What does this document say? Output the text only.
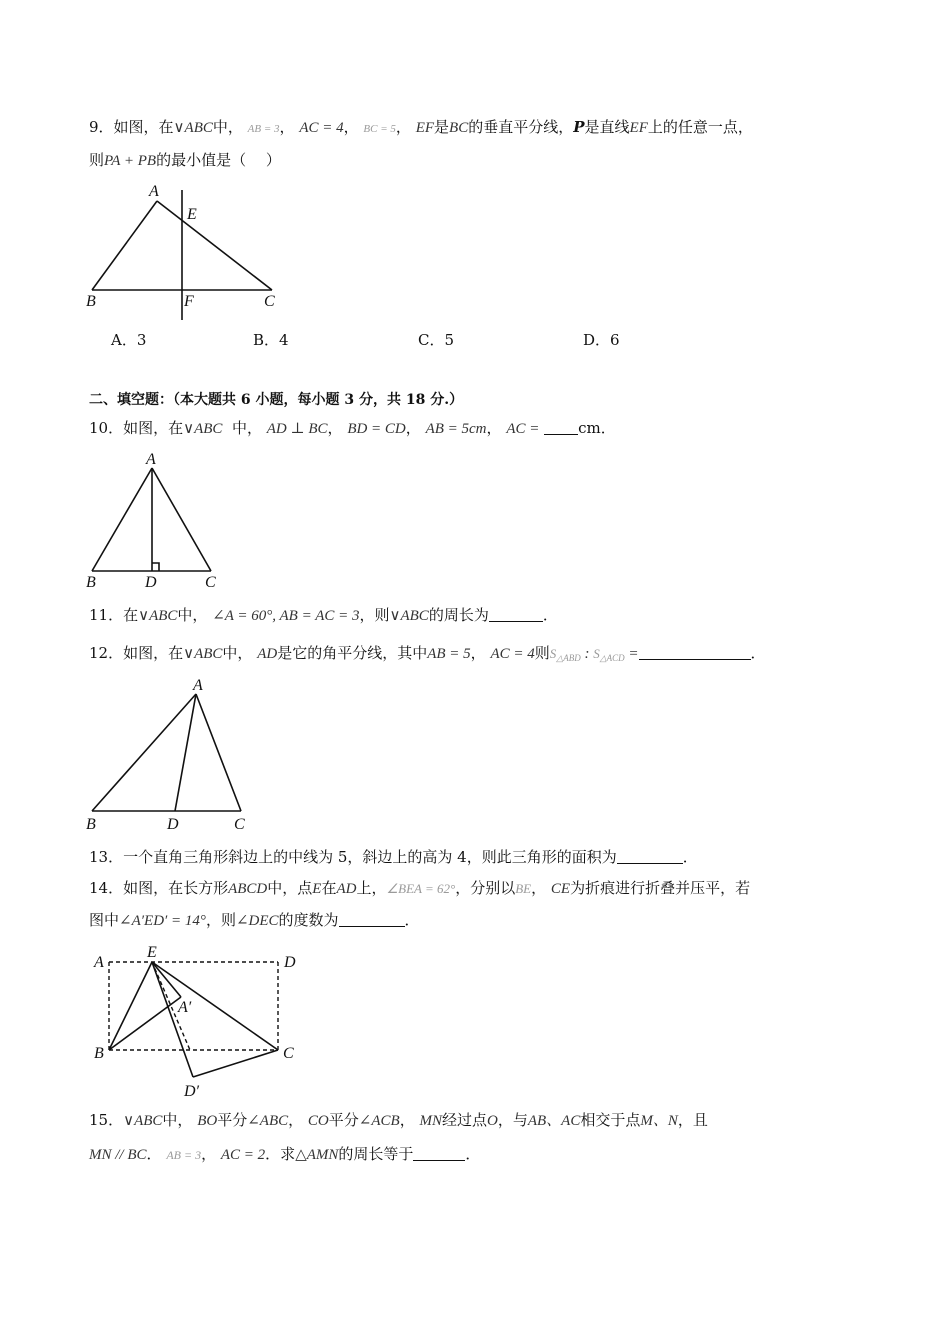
9．如图，在∨ABC中， AB = 3， AC = 4， BC = 5， EF是BC的垂直平分线，P是直线EF上的任意一点，
则PA + PB的最小值是（　 ）
A
E
B	F	C
A．3	B．4	C．5	D．6
二、填空题：（本大题共 6 小题，每小题 3 分，共 18 分.）
10．如图，在∨ABC  中， AD ⊥ BC， BD = CD， AB = 5cm， AC =	cm．
A
B	D	C
11．在∨ABC中， ∠A = 60°, AB = AC = 3，则∨ABC的周长为	．
12．如图，在∨ABC中， AD是它的角平分线，其中AB = 5， AC = 4则$S_{\triangle ABD}$ : $S_{\triangle ACD}$ =	．
A
B	D	C
13．一个直角三角形斜边上的中线为 5，斜边上的高为 4，则此三角形的面积为	．
14．如图，在长方形ABCD中，点E在AD上，∠BEA = 62°，分别以BE， CE为折痕进行折叠并压平，若
图中∠A′ED′ = 14°，则∠DEC的度数为	．
A
E
D
A′
B	C
D′
15．∨ABC中， BO平分∠ABC， CO平分∠ACB， MN经过点O，与AB、AC相交于点M、N，且
MN // BC． AB = 3， AC = 2．求△AMN的周长等于	．
